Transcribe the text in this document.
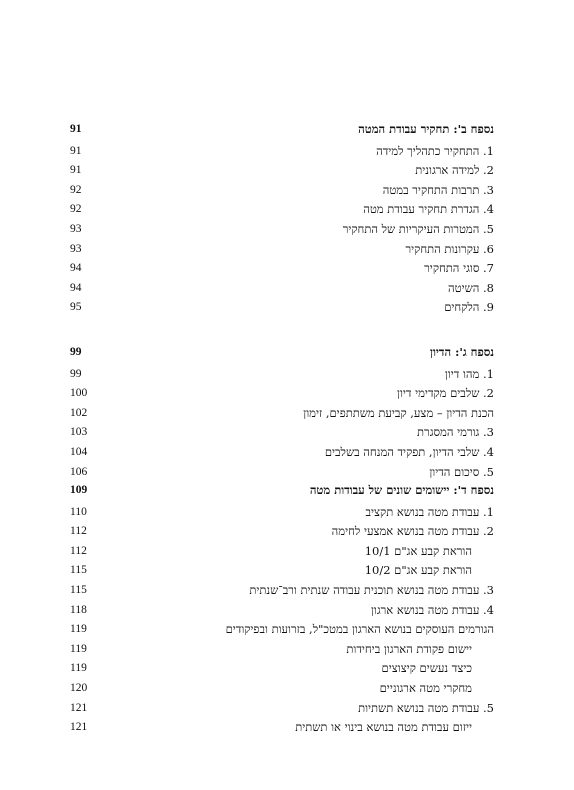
91	נספח ב': תחקיר עבודת המטה
91	1. התחקיר כתהליך למידה
91	2. למידה ארגונית
92	3. תרבות התחקיר במטה
92	4. הגדרת תחקיר עבודת מטה
93	5. המטרות העיקריות של התחקיר
93	6. עקרונות התחקיר
94	7. סוגי התחקיר
94	8. השיטה
95	9. הלקחים
99	נספח ג': הדיון
99	1. מהו דיון
100	2. שלבים מקדימי דיון
102	הכנת הדיון – מצע, קביעת משתתפים, זימון
103	3. גורמי המסגרת
104	4. שלבי הדיון, תפקיד המנחה בשלבים
106	5. סיכום הדיון
109	נספח ד': יישומים שונים של עבודות מטה
110	1. עבודת מטה בנושא תקציב
112	2. עבודת מטה בנושא אמצעי לחימה
112	הוראת קבע אג"ם 10/1
115	הוראת קבע אג"ם 10/2
115	3. עבודת מטה בנושא תוכנית עבודה שנתית ורב־שנתית
118	4. עבודת מטה בנושא ארגון
119	הגורמים העוסקים בנושא הארגון במטכ"ל, בזרועות ובפיקודים
119	יישום פקודת הארגון ביחידות
119	כיצד נעשים קיצוצים
120	מחקרי מטה ארגוניים
121	5. עבודת מטה בנושא תשתיות
121	ייזום עבודת מטה בנושא בינוי או תשתית
